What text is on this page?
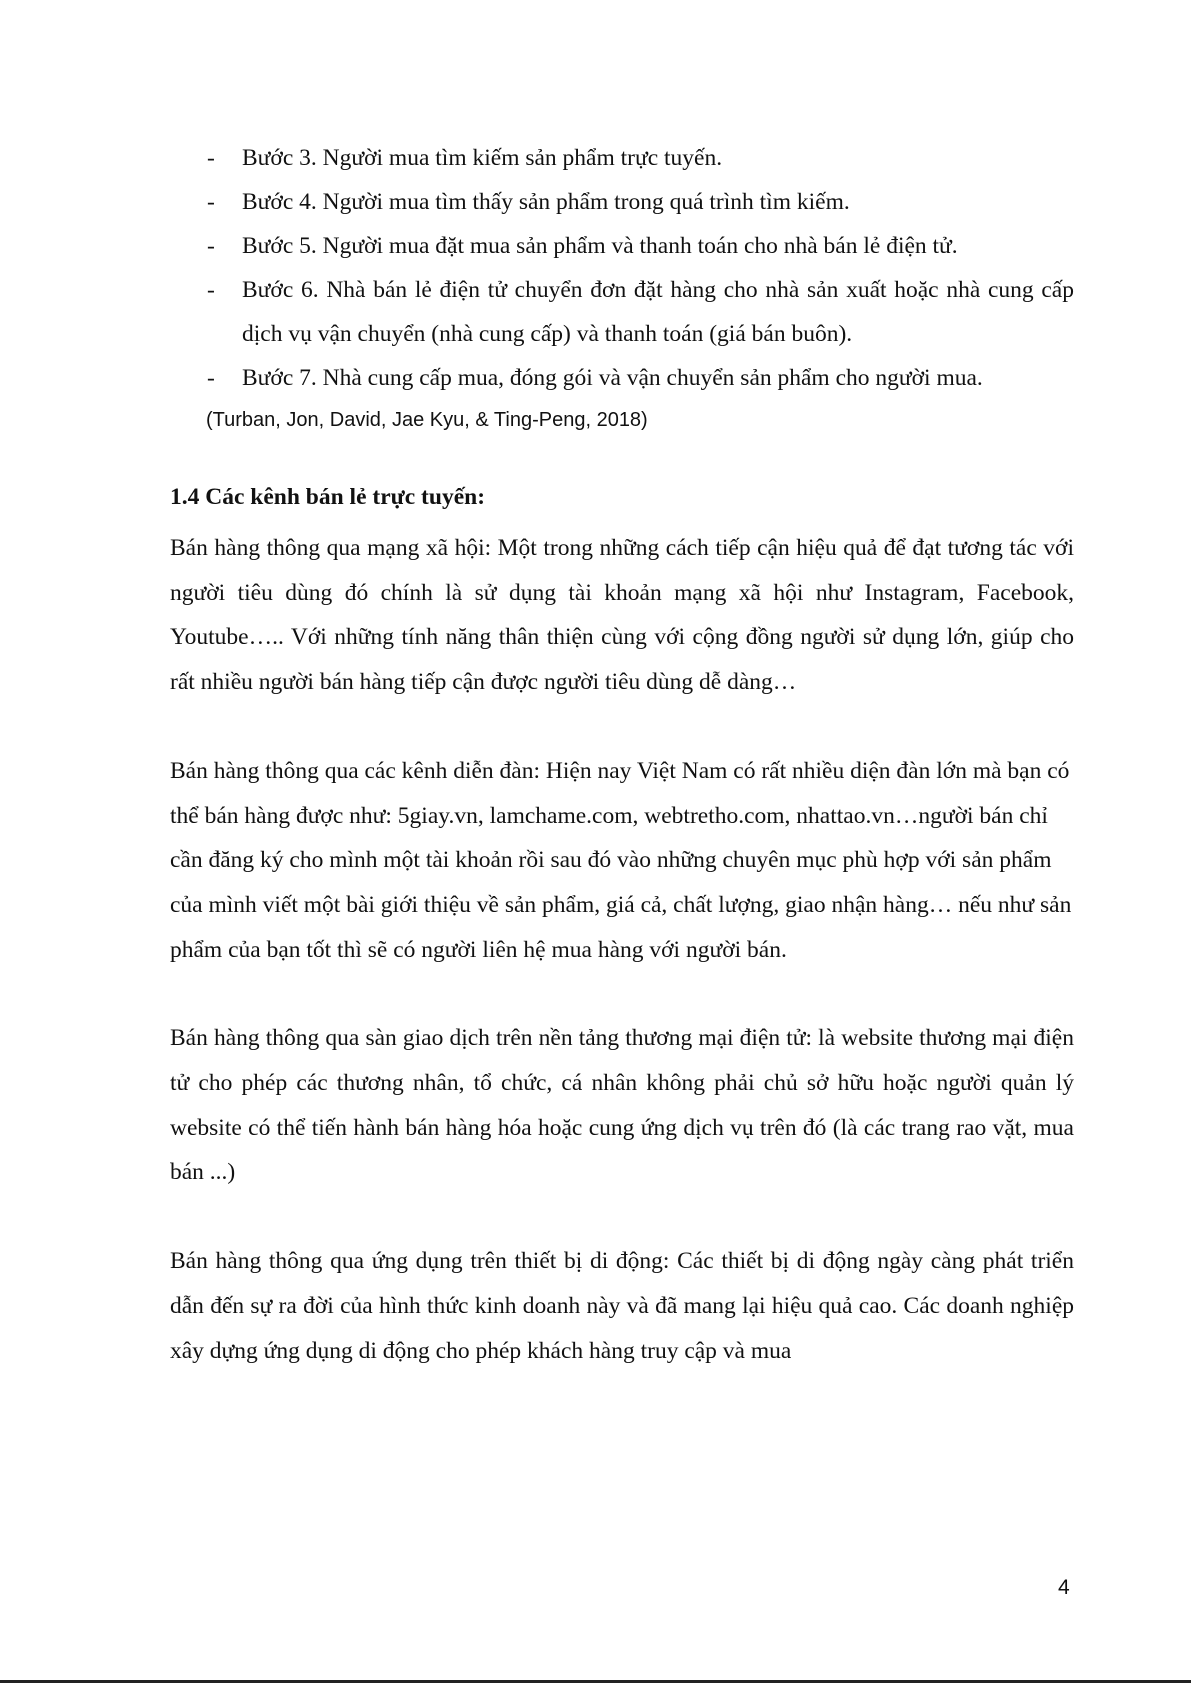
- Bước 3. Người mua tìm kiếm sản phẩm trực tuyến.
- Bước 4. Người mua tìm thấy sản phẩm trong quá trình tìm kiếm.
- Bước 5. Người mua đặt mua sản phẩm và thanh toán cho nhà bán lẻ điện tử.
- Bước 6. Nhà bán lẻ điện tử chuyển đơn đặt hàng cho nhà sản xuất hoặc nhà cung cấp dịch vụ vận chuyển (nhà cung cấp) và thanh toán (giá bán buôn).
- Bước 7. Nhà cung cấp mua, đóng gói và vận chuyển sản phẩm cho người mua.
(Turban, Jon, David, Jae Kyu, & Ting-Peng, 2018)
1.4 Các kênh bán lẻ trực tuyến:

Bán hàng thông qua mạng xã hội: Một trong những cách tiếp cận hiệu quả để đạt tương tác với người tiêu dùng đó chính là sử dụng tài khoản mạng xã hội như Instagram, Facebook, Youtube….. Với những tính năng thân thiện cùng với cộng đồng người sử dụng lớn, giúp cho rất nhiều người bán hàng tiếp cận được người tiêu dùng dễ dàng…

Bán hàng thông qua các kênh diễn đàn: Hiện nay Việt Nam có rất nhiều diện đàn lớn mà bạn có thể bán hàng được như: 5giay.vn, lamchame.com, webtretho.com, nhattao.vn…người bán chỉ cần đăng ký cho mình một tài khoản rồi sau đó vào những chuyên mục phù hợp với sản phẩm của mình viết một bài giới thiệu về sản phẩm, giá cả, chất lượng, giao nhận hàng… nếu như sản phẩm của bạn tốt thì sẽ có người liên hệ mua hàng với người bán.

Bán hàng thông qua sàn giao dịch trên nền tảng thương mại điện tử: là website thương mại điện tử cho phép các thương nhân, tổ chức, cá nhân không phải chủ sở hữu hoặc người quản lý website có thể tiến hành bán hàng hóa hoặc cung ứng dịch vụ trên đó (là các trang rao vặt, mua bán ...)

Bán hàng thông qua ứng dụng trên thiết bị di động: Các thiết bị di động ngày càng phát triển dẫn đến sự ra đời của hình thức kinh doanh này và đã mang lại hiệu quả cao. Các doanh nghiệp xây dựng ứng dụng di động cho phép khách hàng truy cập và mua

4
